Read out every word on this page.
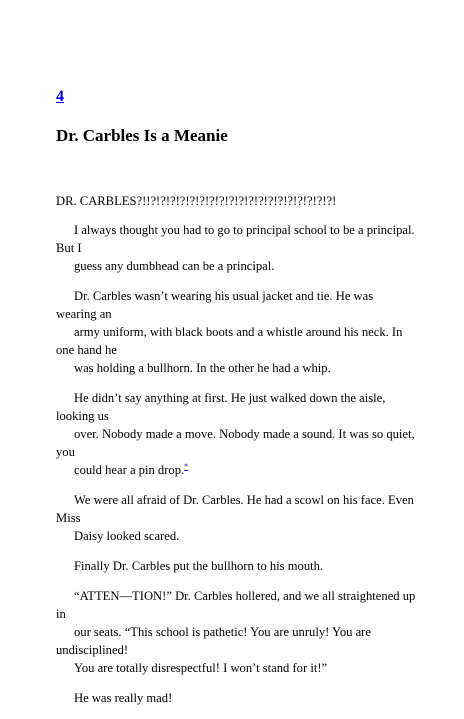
4
Dr. Carbles Is a Meanie

DR. CARBLES?!!?!?!?!?!?!?!?!?!?!?!?!?!?!?!?!?!?!?!?!

I always thought you had to go to principal school to be a principal. But I
guess any dumbhead can be a principal.

Dr. Carbles wasn’t wearing his usual jacket and tie. He was wearing an
army uniform, with black boots and a whistle around his neck. In one hand he
was holding a bullhorn. In the other he had a whip.

He didn’t say anything at first. He just walked down the aisle, looking us
over. Nobody made a move. Nobody made a sound. It was so quiet, you
could hear a pin drop.*

We were all afraid of Dr. Carbles. He had a scowl on his face. Even Miss
Daisy looked scared.

Finally Dr. Carbles put the bullhorn to his mouth.

“ATTEN—TION!” Dr. Carbles hollered, and we all straightened up in
our seats. “This school is pathetic! You are unruly! You are undisciplined!
You are totally disrespectful! I won’t stand for it!”

He was really mad!
